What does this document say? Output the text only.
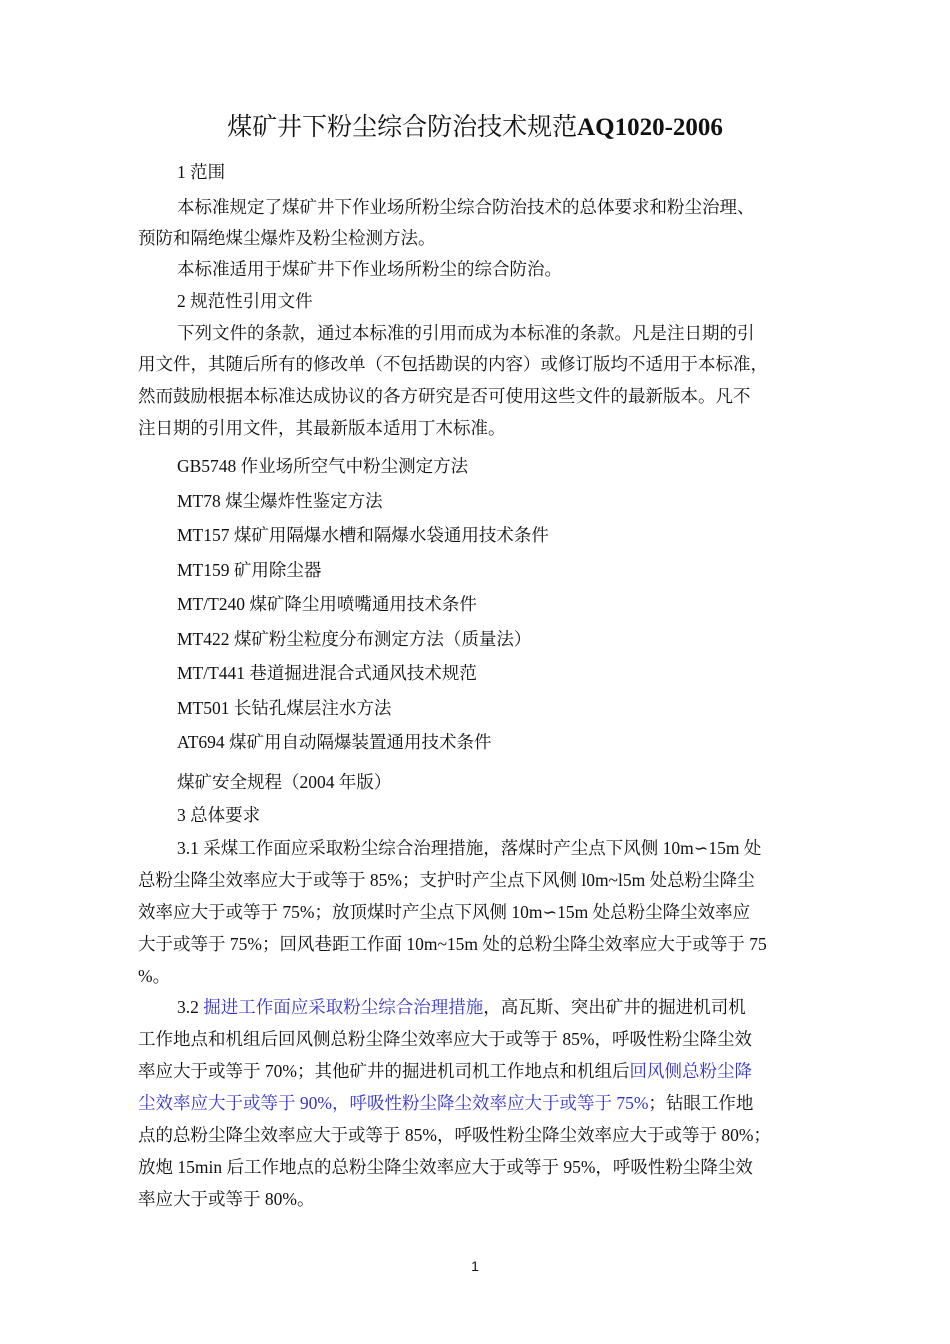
煤矿井下粉尘综合防治技术规范AQ1020-2006
1 范围
本标准规定了煤矿井下作业场所粉尘综合防治技术的总体要求和粉尘治理、
预防和隔绝煤尘爆炸及粉尘检测方法。
本标准适用于煤矿井下作业场所粉尘的综合防治。
2 规范性引用文件
下列文件的条款，通过本标准的引用而成为本标准的条款。凡是注日期的引
用文件，其随后所有的修改单（不包括勘误的内容）或修订版均不适用于本标准，
然而鼓励根据本标准达成协议的各方研究是否可使用这些文件的最新版本。凡不
注日期的引用文件，其最新版本适用丁木标准。
GB5748 作业场所空气中粉尘测定方法
MT78 煤尘爆炸性鉴定方法
MT157 煤矿用隔爆水槽和隔爆水袋通用技术条件
MT159 矿用除尘器
MT/T240 煤矿降尘用喷嘴通用技术条件
MT422 煤矿粉尘粒度分布测定方法（质量法）
MT/T441 巷道掘进混合式通风技术规范
MT501 长钻孔煤层注水方法
AT694 煤矿用自动隔爆装置通用技术条件
煤矿安全规程（2004 年版）
3 总体要求
3.1 采煤工作面应采取粉尘综合治理措施，落煤时产尘点下风侧 10m∽15m 处
总粉尘降尘效率应大于或等于 85%；支护时产尘点下风侧 l0m~l5m 处总粉尘降尘
效率应大于或等于 75%；放顶煤时产尘点下风侧 10m∽15m 处总粉尘降尘效率应
大于或等于 75%；回风巷距工作面 10m~15m 处的总粉尘降尘效率应大于或等于 75
%。
3.2 掘进工作面应采取粉尘综合治理措施，高瓦斯、突出矿井的掘进机司机
工作地点和机组后回风侧总粉尘降尘效率应大于或等于 85%，呼吸性粉尘降尘效
率应大于或等于 70%；其他矿井的掘进机司机工作地点和机组后回风侧总粉尘降
尘效率应大于或等于 90%，呼吸性粉尘降尘效率应大于或等于 75%；钻眼工作地
点的总粉尘降尘效率应大于或等于 85%，呼吸性粉尘降尘效率应大于或等于 80%；
放炮 15min 后工作地点的总粉尘降尘效率应大于或等于 95%，呼吸性粉尘降尘效
率应大于或等于 80%。
1
